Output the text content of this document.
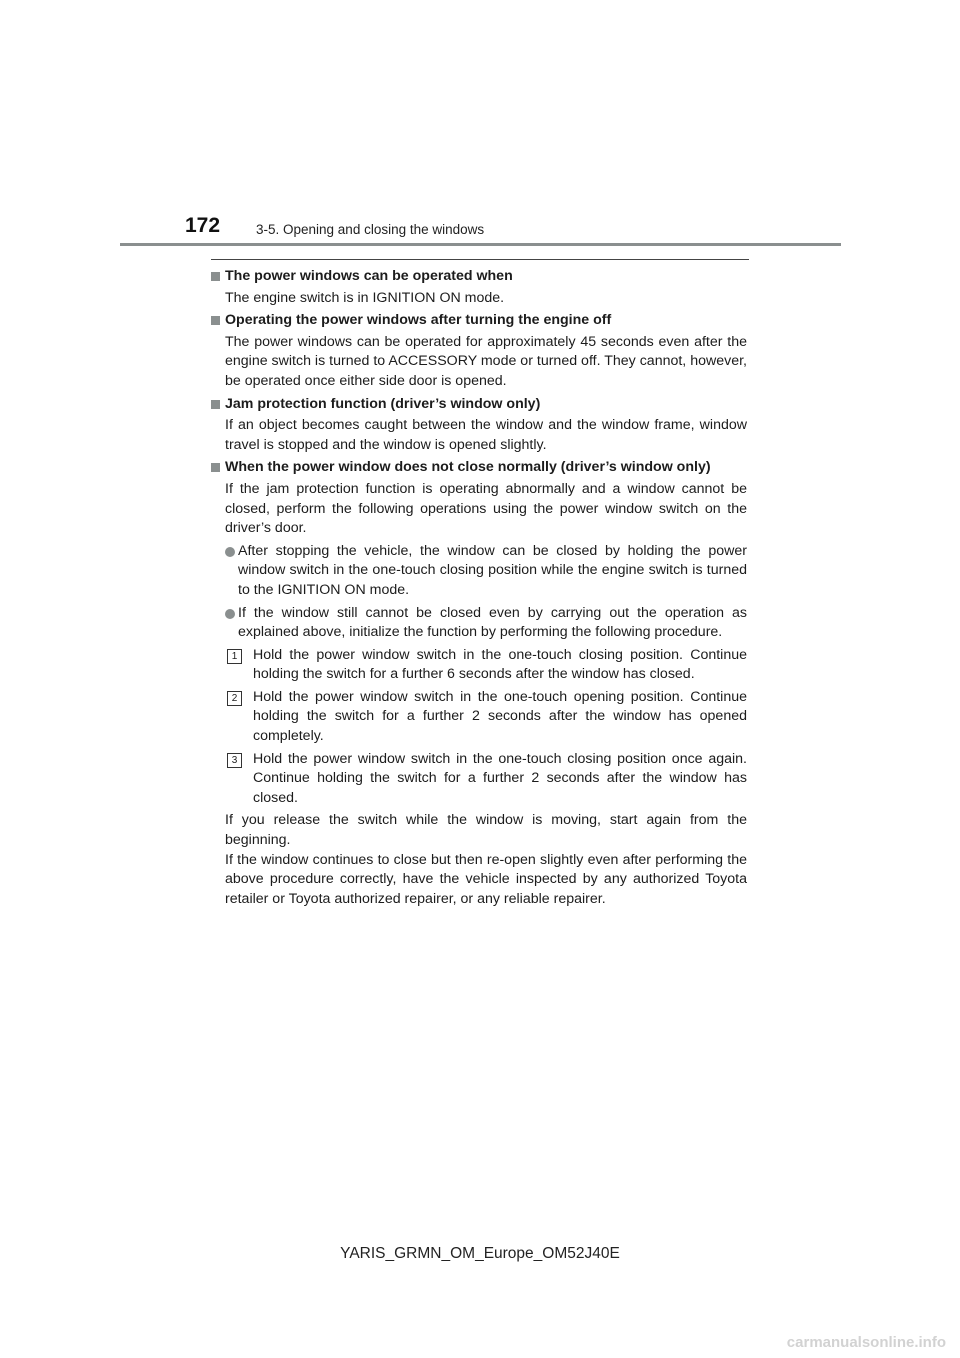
172	3-5. Opening and closing the windows
The power windows can be operated when
The engine switch is in IGNITION ON mode.
Operating the power windows after turning the engine off
The power windows can be operated for approximately 45 seconds even after the engine switch is turned to ACCESSORY mode or turned off. They cannot, however, be operated once either side door is opened.
Jam protection function (driver’s window only)
If an object becomes caught between the window and the window frame, window travel is stopped and the window is opened slightly.
When the power window does not close normally (driver’s window only)
If the jam protection function is operating abnormally and a window cannot be closed, perform the following operations using the power window switch on the driver’s door.
After stopping the vehicle, the window can be closed by holding the power window switch in the one-touch closing position while the engine switch is turned to the IGNITION ON mode.
If the window still cannot be closed even by carrying out the operation as explained above, initialize the function by performing the following procedure.
1	Hold the power window switch in the one-touch closing position. Continue holding the switch for a further 6 seconds after the window has closed.
2	Hold the power window switch in the one-touch opening position. Continue holding the switch for a further 2 seconds after the window has opened completely.
3	Hold the power window switch in the one-touch closing position once again. Continue holding the switch for a further 2 seconds after the window has closed.
If you release the switch while the window is moving, start again from the beginning.
If the window continues to close but then re-open slightly even after performing the above procedure correctly, have the vehicle inspected by any authorized Toyota retailer or Toyota authorized repairer, or any reliable repairer.
YARIS_GRMN_OM_Europe_OM52J40E
carmanualsonline.info
